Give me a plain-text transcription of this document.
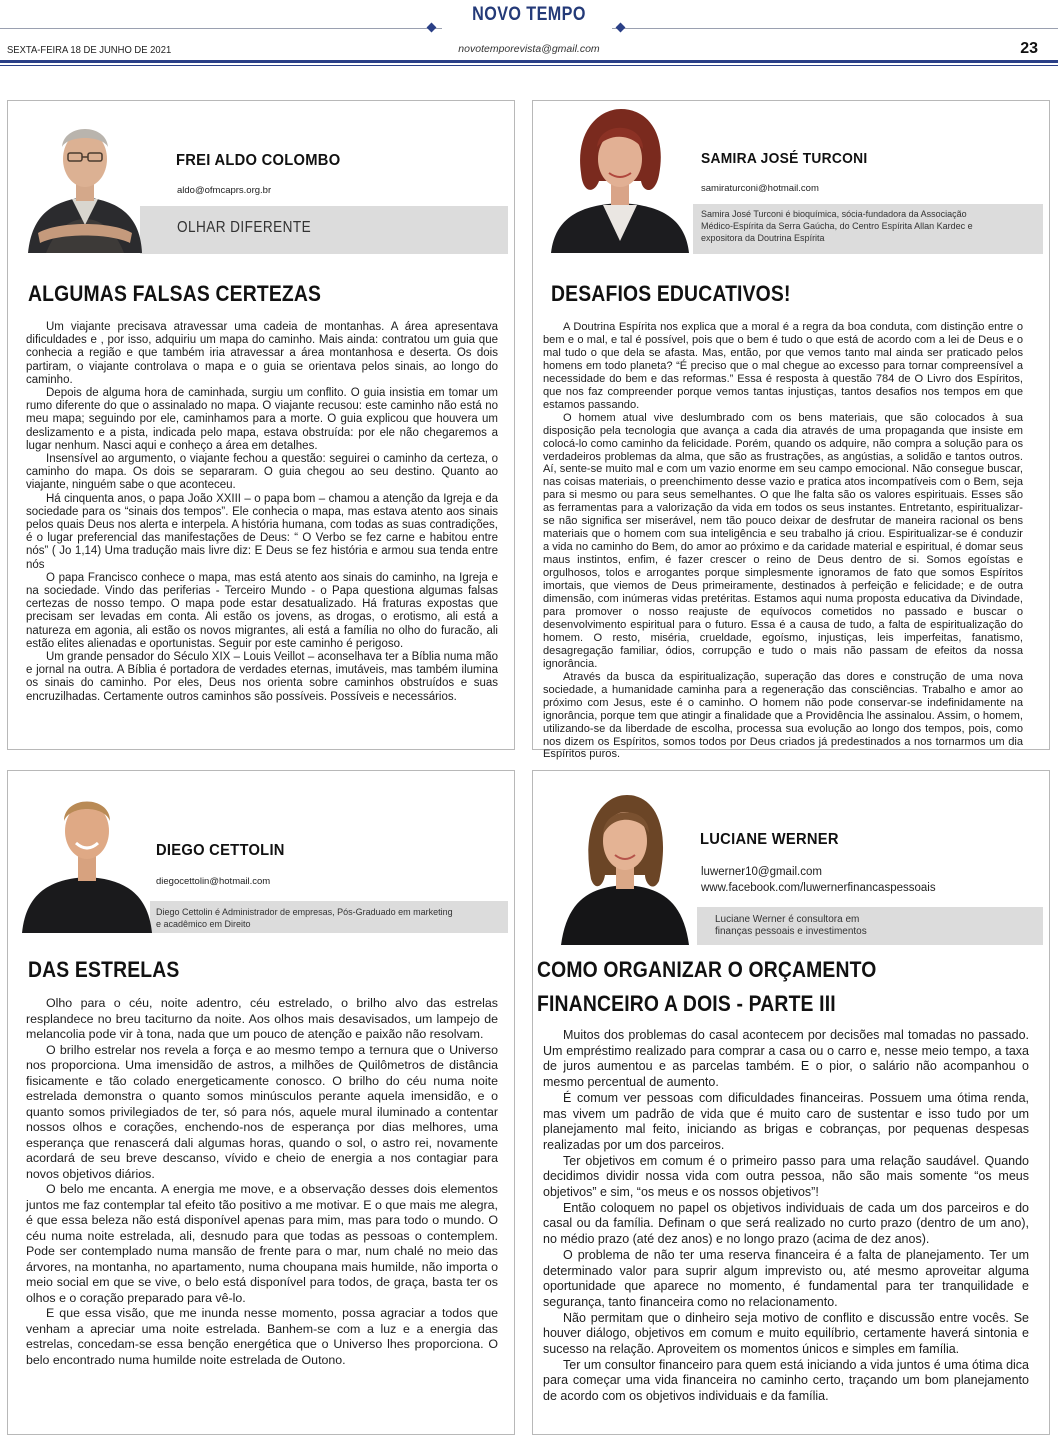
NOVO TEMPO
novotemporevista@gmail.com
SEXTA-FEIRA 18 DE JUNHO DE 2021	23
FREI ALDO COLOMBO
aldo@ofmcaprs.org.br
OLHAR DIFERENTE
ALGUMAS FALSAS CERTEZAS

Um viajante precisava atravessar uma cadeia de montanhas. A área apresentava dificuldades e , por isso, adquiriu um mapa do caminho. Mais ainda: contratou um guia que conhecia a região e que também iria atravessar a área montanhosa e deserta. Os dois partiram, o viajante controlava o mapa e o guia se orientava pelos sinais, ao longo do caminho.

Depois de alguma hora de caminhada, surgiu um conflito. O guia insistia em tomar um rumo diferente do que o assinalado no mapa. O viajante recusou: este caminho não está no meu mapa; seguindo por ele, caminhamos para a morte. O guia explicou que houvera um deslizamento e a pista, indicada pelo mapa, estava obstruída: por ele não chegaremos a lugar nenhum. Nasci aqui e conheço a área em detalhes.

Insensível ao argumento, o viajante fechou a questão: seguirei o caminho da certeza, o caminho do mapa. Os dois se separaram. O guia chegou ao seu destino. Quanto ao viajante, ninguém sabe o que aconteceu.

Há cinquenta anos, o papa João XXIII – o papa bom – chamou a atenção da Igreja e da sociedade para os “sinais dos tempos”. Ele conhecia o mapa, mas estava atento aos sinais pelos quais Deus nos alerta e interpela. A história humana, com todas as suas contradições, é o lugar preferencial das manifestações de Deus: “ O Verbo se fez carne e habitou entre nós” ( Jo 1,14) Uma tradução mais livre diz: E Deus se fez história e armou sua tenda entre nós

O papa Francisco conhece o mapa, mas está atento aos sinais do caminho, na Igreja e na sociedade. Vindo das periferias - Terceiro Mundo - o Papa questiona algumas falsas certezas de nosso tempo. O mapa pode estar desatualizado. Há fraturas expostas que precisam ser levadas em conta. Ali estão os jovens, as drogas, o erotismo, ali está a natureza em agonia, ali estão os novos migrantes, ali está a família no olho do furacão, ali estão elites alienadas e oportunistas. Seguir por este caminho é perigoso.

Um grande pensador do Século XIX – Louis Veillot – aconselhava ter a Bíblia numa mão e jornal na outra. A Bíblia é portadora de verdades eternas, imutáveis, mas também ilumina os sinais do caminho. Por eles, Deus nos orienta sobre caminhos obstruídos e suas encruzilhadas. Certamente outros caminhos são possíveis. Possíveis e necessários.

SAMIRA JOSÉ TURCONI
samiraturconi@hotmail.com
Samira José Turconi é bioquímica, sócia-fundadora da Associação Médico-Espírita da Serra Gaúcha, do Centro Espírita Allan Kardec e expositora da Doutrina Espírita
DESAFIOS EDUCATIVOS!

A Doutrina Espírita nos explica que a moral é a regra da boa conduta, com distinção entre o bem e o mal, e tal é possível, pois que o bem é tudo o que está de acordo com a lei de Deus e o mal tudo o que dela se afasta. Mas, então, por que vemos tanto mal ainda ser praticado pelos homens em todo planeta? “É preciso que o mal chegue ao excesso para tornar compreensível a necessidade do bem e das reformas.” Essa é resposta à questão 784 de O Livro dos Espíritos, que nos faz compreender porque vemos tantas injustiças, tantos desafios nos tempos em que estamos passando.

O homem atual vive deslumbrado com os bens materiais, que são colocados à sua disposição pela tecnologia que avança a cada dia através de uma propaganda que insiste em colocá-lo como caminho da felicidade. Porém, quando os adquire, não compra a solução para os verdadeiros problemas da alma, que são as frustrações, as angústias, a solidão e tantos outros. Aí, sente-se muito mal e com um vazio enorme em seu campo emocional. Não consegue buscar, nas coisas materiais, o preenchimento desse vazio e pratica atos incompatíveis com o Bem, seja para si mesmo ou para seus semelhantes. O que lhe falta são os valores espirituais. Esses são as ferramentas para a valorização da vida em todos os seus instantes. Entretanto, espiritualizar-se não significa ser miserável, nem tão pouco deixar de desfrutar de maneira racional os bens materiais que o homem com sua inteligência e seu trabalho já criou. Espiritualizar-se é conduzir a vida no caminho do Bem, do amor ao próximo e da caridade material e espiritual, é domar seus maus instintos, enfim, é fazer crescer o reino de Deus dentro de si. Somos egoístas e orgulhosos, tolos e arrogantes porque simplesmente ignoramos de fato que somos Espíritos imortais, que viemos de Deus primeiramente, destinados à perfeição e felicidade; e de outra dimensão, com inúmeras vidas pretéritas. Estamos aqui numa proposta educativa da Divindade, para promover o nosso reajuste de equívocos cometidos no passado e buscar o desenvolvimento espiritual para o futuro. Essa é a causa de tudo, a falta de espiritualização do homem. O resto, miséria, crueldade, egoísmo, injustiças, leis imperfeitas, fanatismo, desagregação familiar, ódios, corrupção e tudo o mais não passam de efeitos da nossa ignorância.

Através da busca da espiritualização, superação das dores e construção de uma nova sociedade, a humanidade caminha para a regeneração das consciências. Trabalho e amor ao próximo com Jesus, este é o caminho. O homem não pode conservar-se indefinidamente na ignorância, porque tem que atingir a finalidade que a Providência lhe assinalou. Assim, o homem, utilizando-se da liberdade de escolha, processa sua evolução ao longo dos tempos, pois, como nos dizem os Espíritos, somos todos por Deus criados já predestinados a nos tornarmos um dia Espíritos puros.

DIEGO CETTOLIN
diegocettolin@hotmail.com
Diego Cettolin é Administrador de empresas, Pós-Graduado em marketing e acadêmico em Direito
DAS ESTRELAS

Olho para o céu, noite adentro, céu estrelado, o brilho alvo das estrelas resplandece no breu taciturno da noite. Aos olhos mais desavisados, um lampejo de melancolia pode vir à tona, nada que um pouco de atenção e paixão não resolvam.

O brilho estrelar nos revela a força e ao mesmo tempo a ternura que o Universo nos proporciona. Uma imensidão de astros, a milhões de Quilômetros de distância fisicamente e tão colado energeticamente conosco. O brilho do céu numa noite estrelada demonstra o quanto somos minúsculos perante aquela imensidão, e o quanto somos privilegiados de ter, só para nós, aquele mural iluminado a contentar nossos olhos e corações, enchendo-nos de esperança por dias melhores, uma esperança que renascerá dali algumas horas, quando o sol, o astro rei, novamente acordará de seu breve descanso, vívido e cheio de energia a nos contagiar para novos objetivos diários.

O belo me encanta. A energia me move, e a observação desses dois elementos juntos me faz contemplar tal efeito tão positivo a me motivar. E o que mais me alegra, é que essa beleza não está disponível apenas para mim, mas para todo o mundo. O céu numa noite estrelada, ali, desnudo para que todas as pessoas o contemplem. Pode ser contemplado numa mansão de frente para o mar, num chalé no meio das árvores, na montanha, no apartamento, numa choupana mais humilde, não importa o meio social em que se vive, o belo está disponível para todos, de graça, basta ter os olhos e o coração preparado para vê-lo.

E que essa visão, que me inunda nesse momento, possa agraciar a todos que venham a apreciar uma noite estrelada. Banhem-se com a luz e a energia das estrelas, concedam-se essa benção energética que o Universo lhes proporciona. O belo encontrado numa humilde noite estrelada de Outono.

LUCIANE WERNER
luwerner10@gmail.com
www.facebook.com/luwernerfinancaspessoais
Luciane Werner é consultora em finanças pessoais e investimentos
COMO ORGANIZAR O ORÇAMENTO
FINANCEIRO A DOIS - PARTE III

Muitos dos problemas do casal acontecem por decisões mal tomadas no passado. Um empréstimo realizado para comprar a casa ou o carro e, nesse meio tempo, a taxa de juros aumentou e as parcelas também. E o pior, o salário não acompanhou o mesmo percentual de aumento.

É comum ver pessoas com dificuldades financeiras. Possuem uma ótima renda, mas vivem um padrão de vida que é muito caro de sustentar e isso tudo por um planejamento mal feito, iniciando as brigas e cobranças, por pequenas despesas realizadas por um dos parceiros.

Ter objetivos em comum é o primeiro passo para uma relação saudável. Quando decidimos dividir nossa vida com outra pessoa, não são mais somente “os meus objetivos” e sim, “os meus e os nossos objetivos”!

Então coloquem no papel os objetivos individuais de cada um dos parceiros e do casal ou da família. Definam o que será realizado no curto prazo (dentro de um ano), no médio prazo (até dez anos) e no longo prazo (acima de dez anos).

O problema de não ter uma reserva financeira é a falta de planejamento. Ter um determinado valor para suprir algum imprevisto ou, até mesmo aproveitar alguma oportunidade que aparece no momento, é fundamental para ter tranquilidade e segurança, tanto financeira como no relacionamento.

Não permitam que o dinheiro seja motivo de conflito e discussão entre vocês. Se houver diálogo, objetivos em comum e muito equilíbrio, certamente haverá sintonia e sucesso na relação. Aproveitem os momentos únicos e simples em família.

Ter um consultor financeiro para quem está iniciando a vida juntos é uma ótima dica para começar uma vida financeira no caminho certo, traçando um bom planejamento de acordo com os objetivos individuais e da família.
